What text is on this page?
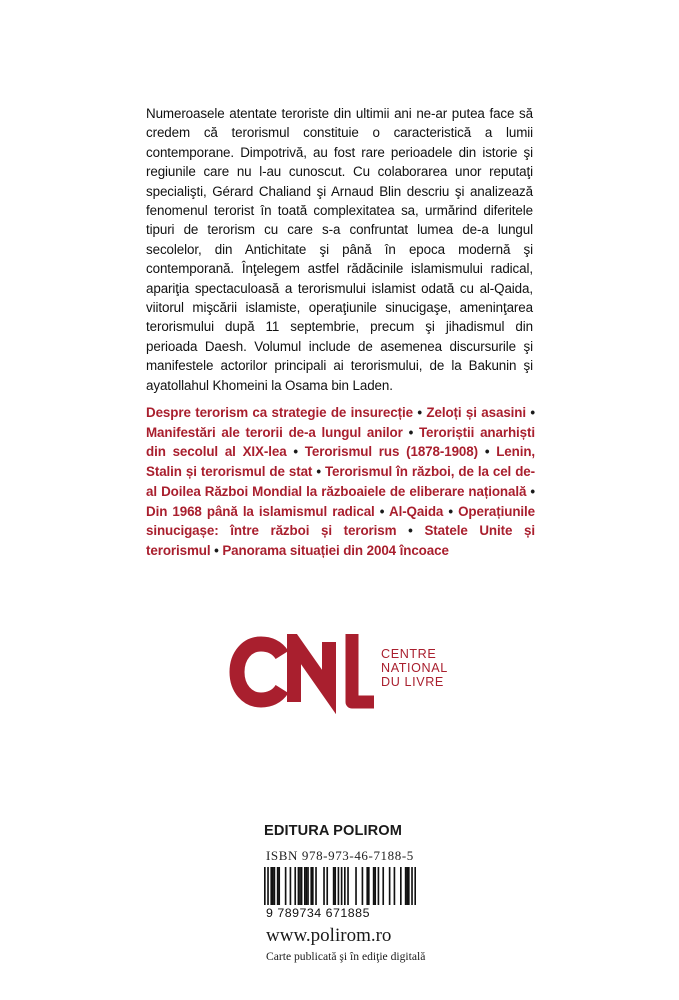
Numeroasele atentate teroriste din ultimii ani ne-ar putea face să credem că terorismul constituie o caracteristică a lumii contemporane. Dimpotrivă, au fost rare perioadele din istorie şi regiunile care nu l-au cunoscut. Cu colaborarea unor reputaţi specialişti, Gérard Chaliand şi Arnaud Blin descriu şi analizează fenomenul terorist în toată complexitatea sa, urmărind diferitele tipuri de terorism cu care s-a confruntat lumea de-a lungul secolelor, din Antichitate şi până în epoca modernă şi contemporană. Înţelegem astfel rădăcinile islamismului radical, apariţia spectaculoasă a terorismului islamist odată cu al-Qaida, viitorul mişcării islamiste, operaţiunile sinucigaşe, ameninţarea terorismului după 11 septembrie, precum şi jihadismul din perioada Daesh. Volumul include de asemenea discursurile şi manifestele actorilor principali ai terorismului, de la Bakunin şi ayatollahul Khomeini la Osama bin Laden.

Despre terorism ca strategie de insurecție • Zeloți și asasini • Manifestări ale terorii de-a lungul anilor • Teroriștii anarhiști din secolul al XIX-lea • Terorismul rus (1878-1908) • Lenin, Stalin și terorismul de stat • Terorismul în război, de la cel de-al Doilea Război Mondial la războaiele de eliberare națională • Din 1968 până la islamismul radical • Al-Qaida • Operațiunile sinucigașe: între război și terorism • Statele Unite și terorismul • Panorama situației din 2004 încoace
CENTRE
NATIONAL
DU LIVRE
EDITURA POLIROM
ISBN 978-973-46-7188-5
9 789734 671885
www.polirom.ro
Carte publicată şi în ediţie digitală
